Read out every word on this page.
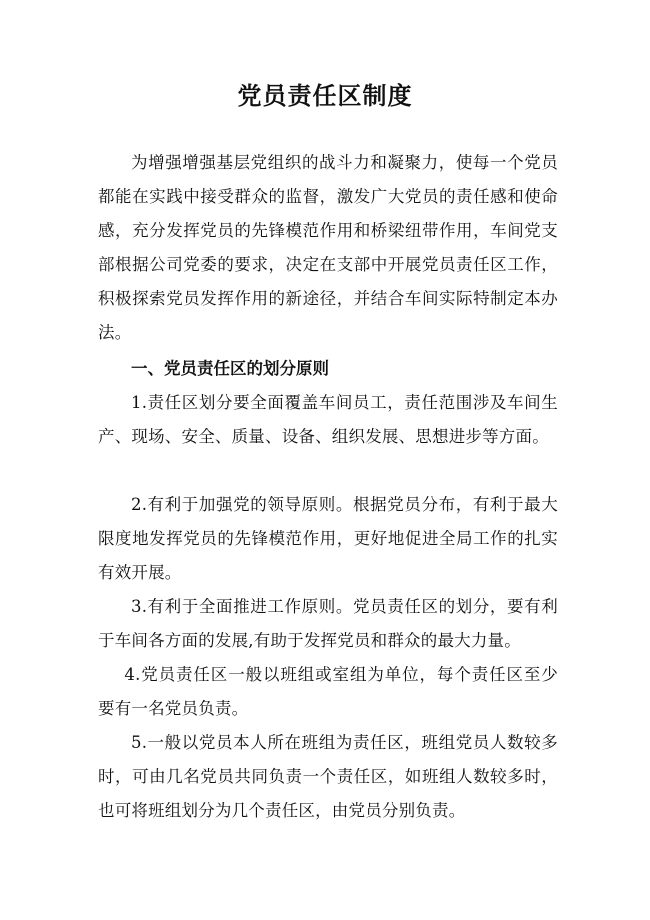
党员责任区制度
为增强增强基层党组织的战斗力和凝聚力，使每一个党员都能在实践中接受群众的监督，激发广大党员的责任感和使命感，充分发挥党员的先锋模范作用和桥梁纽带作用，车间党支部根据公司党委的要求，决定在支部中开展党员责任区工作，积极探索党员发挥作用的新途径，并结合车间实际特制定本办法。
一、党员责任区的划分原则
1.责任区划分要全面覆盖车间员工，责任范围涉及车间生产、现场、安全、质量、设备、组织发展、思想进步等方面。
2.有利于加强党的领导原则。根据党员分布，有利于最大限度地发挥党员的先锋模范作用，更好地促进全局工作的扎实有效开展。
3.有利于全面推进工作原则。党员责任区的划分，要有利于车间各方面的发展,有助于发挥党员和群众的最大力量。
4.党员责任区一般以班组或室组为单位，每个责任区至少要有一名党员负责。
5.一般以党员本人所在班组为责任区，班组党员人数较多时，可由几名党员共同负责一个责任区，如班组人数较多时，也可将班组划分为几个责任区，由党员分别负责。
